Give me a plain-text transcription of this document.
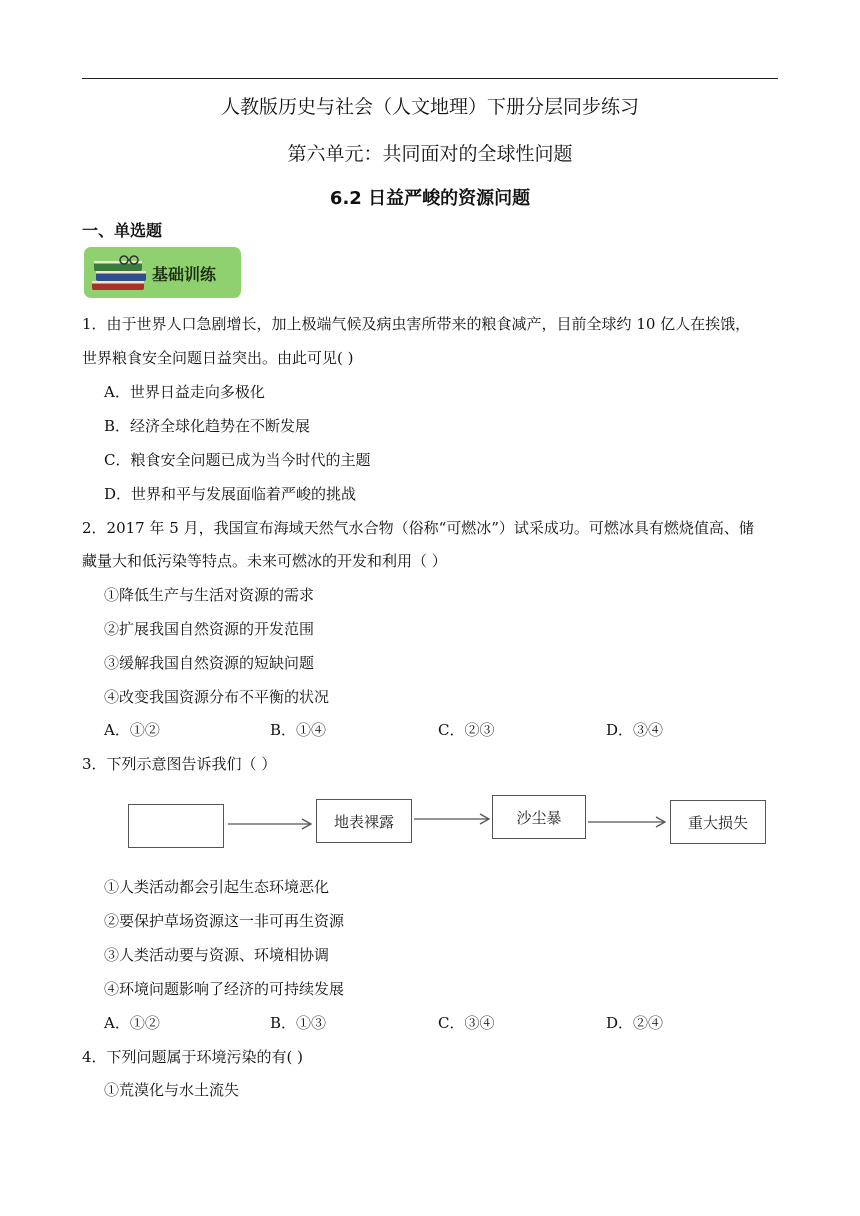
人教版历史与社会（人文地理）下册分层同步练习
第六单元：共同面对的全球性问题
6.2 日益严峻的资源问题
一、单选题
基础训练
1．由于世界人口急剧增长，加上极端气候及病虫害所带来的粮食减产，目前全球约 10 亿人在挨饿，
世界粮食安全问题日益突出。由此可见( )
A．世界日益走向多极化
B．经济全球化趋势在不断发展
C．粮食安全问题已成为当今时代的主题
D．世界和平与发展面临着严峻的挑战
2．2017 年 5 月，我国宣布海域天然气水合物（俗称“可燃冰”）试采成功。可燃冰具有燃烧值高、储
藏量大和低污染等特点。未来可燃冰的开发和利用（ ）
①降低生产与生活对资源的需求
②扩展我国自然资源的开发范围
③缓解我国自然资源的短缺问题
④改变我国资源分布不平衡的状况
A．①②	B．①④	C．②③	D．③④
3．下列示意图告诉我们（ ）
地表裸露	沙尘暴	重大损失
①人类活动都会引起生态环境恶化
②要保护草场资源这一非可再生资源
③人类活动要与资源、环境相协调
④环境问题影响了经济的可持续发展
A．①②	B．①③	C．③④	D．②④
4．下列问题属于环境污染的有( )
①荒漠化与水土流失
